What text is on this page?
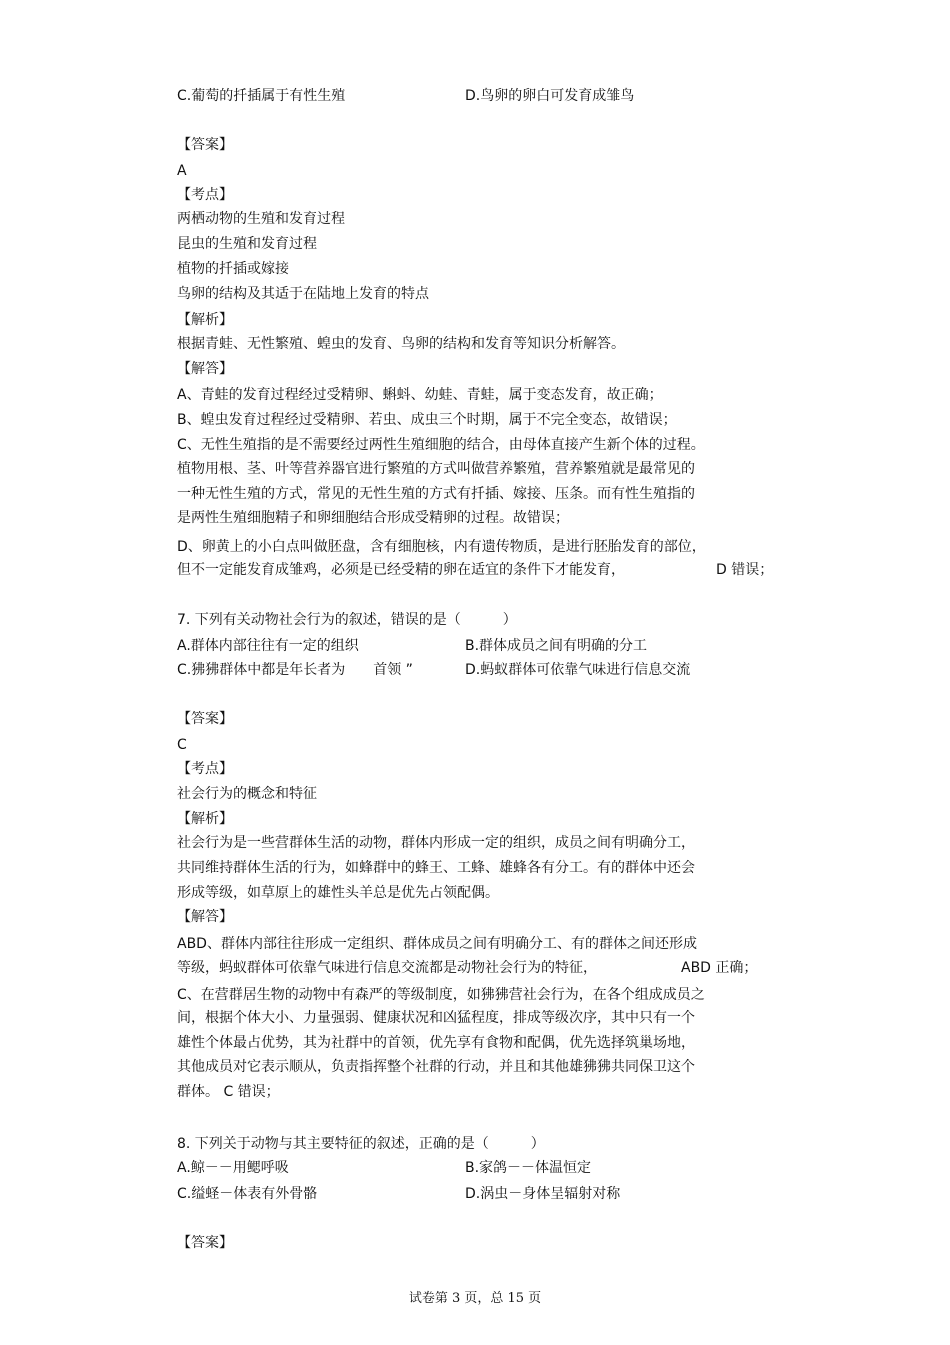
C.葡萄的扦插属于有性生殖	D.鸟卵的卵白可发育成雏鸟
【答案】
A
【考点】
两栖动物的生殖和发育过程
昆虫的生殖和发育过程
植物的扦插或嫁接
鸟卵的结构及其适于在陆地上发育的特点
【解析】
根据青蛙、无性繁殖、蝗虫的发育、鸟卵的结构和发育等知识分析解答。
【解答】
A、青蛙的发育过程经过受精卵、蝌蚪、幼蛙、青蛙，属于变态发育，故正确；
B、蝗虫发育过程经过受精卵、若虫、成虫三个时期，属于不完全变态，故错误；
C、无性生殖指的是不需要经过两性生殖细胞的结合，由母体直接产生新个体的过程。
植物用根、茎、叶等营养器官进行繁殖的方式叫做营养繁殖，营养繁殖就是最常见的
一种无性生殖的方式，常见的无性生殖的方式有扦插、嫁接、压条。而有性生殖指的
是两性生殖细胞精子和卵细胞结合形成受精卵的过程。故错误；
D、卵黄上的小白点叫做胚盘，含有细胞核，内有遗传物质，是进行胚胎发育的部位，
但不一定能发育成雏鸡，必须是已经受精的卵在适宜的条件下才能发育，	D 错误；
7. 下列有关动物社会行为的叙述，错误的是（　　　）
A.群体内部往往有一定的组织	B.群体成员之间有明确的分工
C.狒狒群体中都是年长者为　　首领 ”	D.蚂蚁群体可依靠气味进行信息交流
【答案】
C
【考点】
社会行为的概念和特征
【解析】
社会行为是一些营群体生活的动物，群体内形成一定的组织，成员之间有明确分工，
共同维持群体生活的行为，如蜂群中的蜂王、工蜂、雄蜂各有分工。有的群体中还会
形成等级，如草原上的雄性头羊总是优先占领配偶。
【解答】
ABD、群体内部往往形成一定组织、群体成员之间有明确分工、有的群体之间还形成
等级，蚂蚁群体可依靠气味进行信息交流都是动物社会行为的特征，	ABD 正确；
C、在营群居生物的动物中有森严的等级制度，如狒狒营社会行为，在各个组成成员之
间，根据个体大小、力量强弱、健康状况和凶猛程度，排成等级次序，其中只有一个
雄性个体最占优势，其为社群中的首领，优先享有食物和配偶，优先选择筑巢场地，
其他成员对它表示顺从，负责指挥整个社群的行动，并且和其他雄狒狒共同保卫这个
群体。 C 错误；
8. 下列关于动物与其主要特征的叙述，正确的是（　　　）
A.鲸－－用鳃呼吸	B.家鸽－－体温恒定
C.缢蛏－体表有外骨骼	D.涡虫－身体呈辐射对称
【答案】
试卷第 3 页，总 15 页
